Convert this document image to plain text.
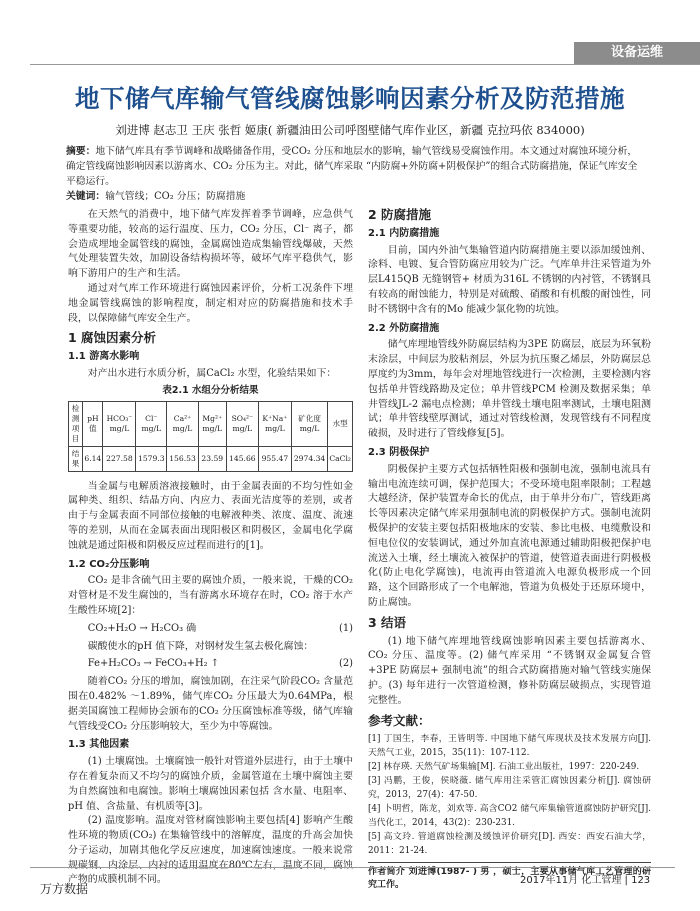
设备运维
地下储气库输气管线腐蚀影响因素分析及防范措施
刘进博 赵志卫 王庆 张哲 姬康( 新疆油田公司呼图壁储气库作业区，新疆 克拉玛依 834000)
摘要：地下储气库具有季节调峰和战略储备作用，受CO₂ 分压和地层水的影响，输气管线易受腐蚀作用。本文通过对腐蚀环境分析，确定管线腐蚀影响因素以游离水、CO₂ 分压为主。对此，储气库采取 “内防腐+外防腐+阴极保护”的组合式防腐措施，保证气库安全平稳运行。
关键词：输气管线；CO₂ 分压；防腐措施

在天然气的消费中，地下储气库发挥着季节调峰，应急供气等重要功能，较高的运行温度、压力，CO₂ 分压，Cl⁻ 离子，都会造成埋地金属管线的腐蚀，金属腐蚀造成集输管线爆破，天然气处理装置失效，加剧设备结构损坏等，破坏气库平稳供气，影响下游用户的生产和生活。

通过对气库工作环境进行腐蚀因素评价，分析工况条件下埋地金属管线腐蚀的影响程度，制定相对应的防腐措施和技术手段，以保障储气库安全生产。

1 腐蚀因素分析
1.1 游离水影响

对产出水进行水质分析，属CaCl₂ 水型，化验结果如下：

表2.1 水组分分析结果
检测项目	pH值	HCO₃⁻ mg/L	Cl⁻ mg/L	Ca²⁺ mg/L	Mg²⁺ mg/L	SO₄²⁻ mg/L	K⁺Na⁺ mg/L	矿化度 mg/L	水型
结果	6.14	227.58	1579.3	156.53	23.59	145.66	955.47	2974.34	CaCl₂

当金属与电解质溶液接触时，由于金属表面的不均匀性如金属种类、组织、结晶方向、内应力、表面光洁度等的差别，或者由于与金属表面不同部位接触的电解液种类、浓度、温度、流速等的差别，从而在金属表面出现阳极区和阴极区，金属电化学腐蚀就是通过阳极和阴极反应过程而进行的[1]。

1.2 CO₂分压影响

CO₂ 是非含硫气田主要的腐蚀介质，一般来说，干燥的CO₂ 对管材是不发生腐蚀的，当有游离水环境存在时，CO₂ 溶于水产生酸性环境[2]：

CO₂+H₂O → H₂CO₃ 确	(1)

碳酸使水的pH 值下降，对钢材发生氢去极化腐蚀：

Fe+H₂CO₃ → FeCO₃+H₂ ↑	(2)

随着CO₂ 分压的增加，腐蚀加剧，在注采气阶段CO₂ 含量范围在0.482% ～1.89%，储气库CO₂ 分压最大为0.64MPa，根据美国腐蚀工程师协会颁布的CO₂ 分压腐蚀标准等级，储气库输气管线受CO₂ 分压影响较大，至少为中等腐蚀。

1.3 其他因素

(1) 土壤腐蚀。土壤腐蚀一般针对管道外层进行，由于土壤中存在着复杂而又不均匀的腐蚀介质，金属管道在土壤中腐蚀主要为自然腐蚀和电腐蚀。影响土壤腐蚀因素包括 含水量、电阻率、pH 值、含盐量、有机质等[3]。

(2) 温度影响。温度对管材腐蚀影响主要包括[4] 影响产生酸性环境的物质(CO₂) 在集输管线中的溶解度，温度的升高会加快分子运动，加剧其他化学反应速度，加速腐蚀速度。一般来说常规碳钢、内涂层、内衬的适用温度在80℃左右，温度不同，腐蚀产物的成膜机制不同。

2 防腐措施
2.1 内防腐措施

目前，国内外油气集输管道内防腐措施主要以添加缓蚀剂、涂料、电镀、复合管防腐应用较为广泛。气库单井注采管道为外层L415QB 无缝钢管+ 材质为316L 不锈钢的内衬管，不锈钢具有较高的耐蚀能力，特别是对硫酸、硝酸和有机酸的耐蚀性，同时不锈钢中含有的Mo 能减少氯化物的坑蚀。

2.2 外防腐措施

储气库埋地管线外防腐层结构为3PE 防腐层，底层为环氧粉末涂层，中间层为胶粘剂层，外层为抗压聚乙烯层，外防腐层总厚度约为3mm，每年会对埋地管线进行一次检测，主要检测内容包括单井管线路勘及定位；单井管线PCM 检测及数据采集；单井管线JL-2 漏电点检测；单井管线土壤电阻率测试，土壤电阻测试；单井管线壁厚测试，通过对管线检测，发现管线有不同程度破损，及时进行了管线修复[5]。

2.3 阴极保护

阴极保护主要方式包括牺牲阳极和强制电流，强制电流具有输出电流连续可调，保护范围大；不受环境电阻率限制；工程越大越经济，保护装置寿命长的优点，由于单井分布广，管线距离长等因素决定储气库采用强制电流的阴极保护方式。强制电流阴极保护的安装主要包括阳极地床的安装、参比电极、电缆敷设和恒电位仪的安装调试，通过外加直流电源通过辅助阳极把保护电流送入土壤，经土壤流入被保护的管道，使管道表面进行阴极极化(防止电化学腐蚀)，电流再由管道流入电源负极形成一个回路，这个回路形成了一个电解池，管道为负极处于还原环境中，防止腐蚀。

3 结语

(1) 地下储气库埋地管线腐蚀影响因素主要包括游离水、CO₂ 分压、温度等。(2) 储气库采用 “不锈钢双金属复合管+3PE 防腐层+ 强制电流”的组合式防腐措施对输气管线实施保护。(3) 每年进行一次管道检测，修补防腐层破损点，实现管道完整性。

参考文献：

[1] 丁国生，李春，王皆明等. 中国地下储气库现状及技术发展方向[J]. 天然气工业，2015，35(11)：107-112.

[2] 林存瑛. 天然气矿场集输[M]. 石油工业出版社，1997：220-249.

[3] 冯鹏，王俊，侯晓薇. 储气库用注采管汇腐蚀因素分析[J]. 腐蚀研究，2013，27(4)：47-50.

[4] 卜明哲，陈龙，刘欢等. 高含CO2 储气库集输管道腐蚀防护研究[J]. 当代化工，2014，43(2)：230-231.

[5] 高文玲. 管道腐蚀检测及缓蚀评价研究[D]. 西安：西安石油大学，2011：21-24.

作者简介 刘进博(1987- ) 男 ，硕士，主要从事储气库工艺管理的研究工作。	2017年11月 化工管理 | 123
万方数据
